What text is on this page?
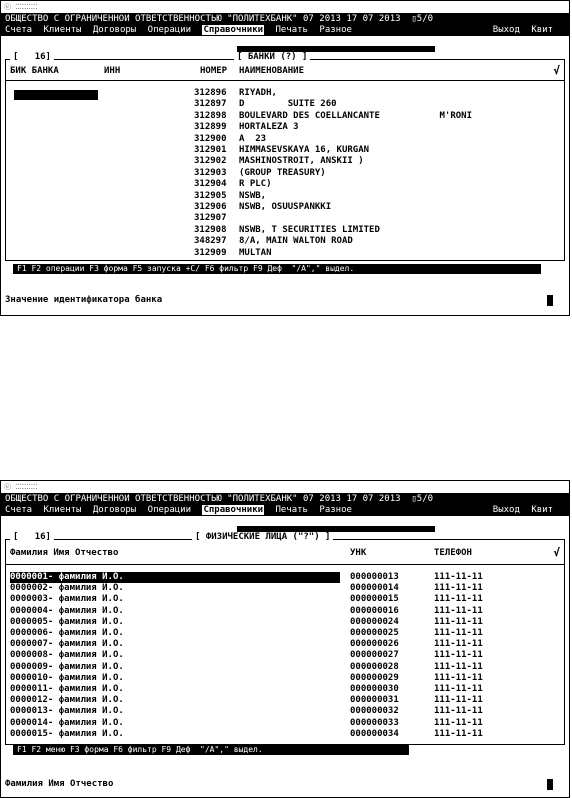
ⓔ ⁚⁚⁚⁚⁚⁚⁚⁚⁚⁚
ОБЩЕСТВО С ОГРАНИЧЕННОЙ ОТВЕТСТВЕННОСТЬЮ "ПОЛИТЕХБАНК" 07 2013 17 07 2013  ▯5/0
Счета Клиенты Договоры Операции Справочники Печать Разное	Выход Квит
[   16]	[ БАНКИ (?) ]
БИК БАНКА	ИНН	НОМЕР НАИМЕНОВАНИЕ	√
312896 RIYADH,
312897 D        SUITE 260
312898 BOULEVARD DES COELLANCANTE           M'RONI
312899 HORTALEZA 3
312900 A  23
312901 HIMMASEVSKAYA 16, KURGAN
312902 MASHINOSTROIT, ANSKII )
312903 (GROUP TREASURY)
312904 R PLC)
312905 NSWB,
312906 NSWB, OSUUSPANKKI
312907
312908 NSWB, T SECURITIES LIMITED
348297 8/A, MAIN WALTON ROAD
312909 MULTAN
F1 F2 операции F3 форма F5 запуска +С/ F6 фильтр F9 Деф  "/А"," выдел.
Значение идентификатора банка
ⓔ ⁚⁚⁚⁚⁚⁚⁚⁚⁚⁚
ОБЩЕСТВО С ОГРАНИЧЕННОЙ ОТВЕТСТВЕННОСТЬЮ "ПОЛИТЕХБАНК" 07 2013 17 07 2013  ▯5/0
Счета Клиенты Договоры Операции Справочники Печать Разное	Выход Квит
[   16]	[ ФИЗИЧЕСКИЕ ЛИЦА ("?") ]
Фамилия Имя Отчество	УНК	ТЕЛЕФОН	√
0000001- фамилия И.О.	000000013	111-11-11
0000002- фамилия И.О.	000000014	111-11-11
0000003- фамилия И.О.	000000015	111-11-11
0000004- фамилия И.О.	000000016	111-11-11
0000005- фамилия И.О.	000000024	111-11-11
0000006- фамилия И.О.	000000025	111-11-11
0000007- фамилия И.О.	000000026	111-11-11
0000008- фамилия И.О.	000000027	111-11-11
0000009- фамилия И.О.	000000028	111-11-11
0000010- фамилия И.О.	000000029	111-11-11
0000011- фамилия И.О.	000000030	111-11-11
0000012- фамилия И.О.	000000031	111-11-11
0000013- фамилия И.О.	000000032	111-11-11
0000014- фамилия И.О.	000000033	111-11-11
0000015- фамилия И.О.	000000034	111-11-11
F1 F2 меню F3 форма F6 фильтр F9 Деф  "/А"," выдел.
Фамилия Имя Отчество
